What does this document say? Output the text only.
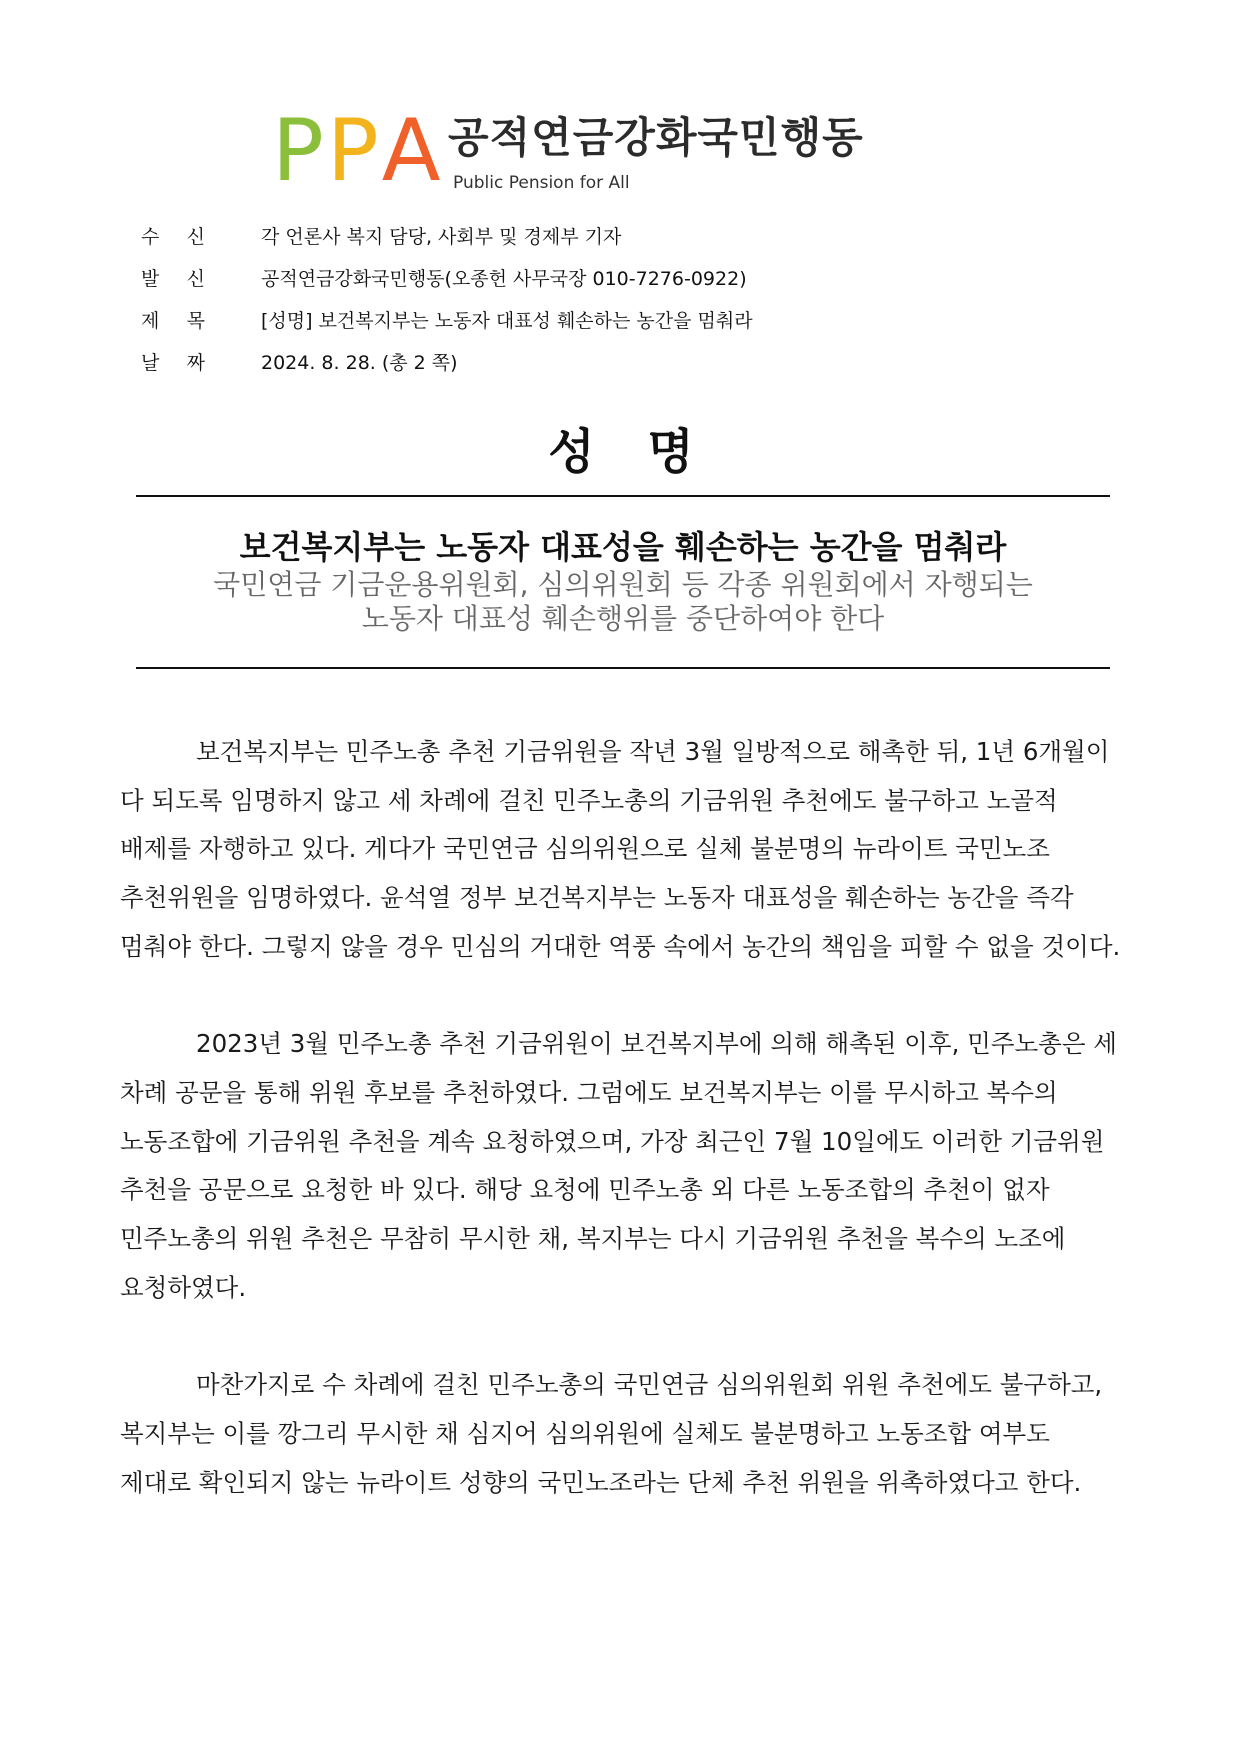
PPA 공적연금강화국민행동
Public Pension for All
수 신	각 언론사 복지 담당, 사회부 및 경제부 기자
발 신	공적연금강화국민행동(오종헌 사무국장 010-7276-0922)
제 목	[성명] 보건복지부는 노동자 대표성 훼손하는 농간을 멈춰라
날 짜	2024. 8. 28. (총 2 쪽)
성 명
보건복지부는 노동자 대표성을 훼손하는 농간을 멈춰라
국민연금 기금운용위원회, 심의위원회 등 각종 위원회에서 자행되는
노동자 대표성 훼손행위를 중단하여야 한다

보건복지부는 민주노총 추천 기금위원을 작년 3월 일방적으로 해촉한 뒤, 1년 6개월이 다 되도록 임명하지 않고 세 차례에 걸친 민주노총의 기금위원 추천에도 불구하고 노골적 배제를 자행하고 있다. 게다가 국민연금 심의위원으로 실체 불분명의 뉴라이트 국민노조 추천위원을 임명하였다. 윤석열 정부 보건복지부는 노동자 대표성을 훼손하는 농간을 즉각 멈춰야 한다. 그렇지 않을 경우 민심의 거대한 역풍 속에서 농간의 책임을 피할 수 없을 것이다.

2023년 3월 민주노총 추천 기금위원이 보건복지부에 의해 해촉된 이후, 민주노총은 세 차례 공문을 통해 위원 후보를 추천하였다. 그럼에도 보건복지부는 이를 무시하고 복수의 노동조합에 기금위원 추천을 계속 요청하였으며, 가장 최근인 7월 10일에도 이러한 기금위원 추천을 공문으로 요청한 바 있다. 해당 요청에 민주노총 외 다른 노동조합의 추천이 없자 민주노총의 위원 추천은 무참히 무시한 채, 복지부는 다시 기금위원 추천을 복수의 노조에 요청하였다.

마찬가지로 수 차례에 걸친 민주노총의 국민연금 심의위원회 위원 추천에도 불구하고, 복지부는 이를 깡그리 무시한 채 심지어 심의위원에 실체도 불분명하고 노동조합 여부도 제대로 확인되지 않는 뉴라이트 성향의 국민노조라는 단체 추천 위원을 위촉하였다고 한다.
